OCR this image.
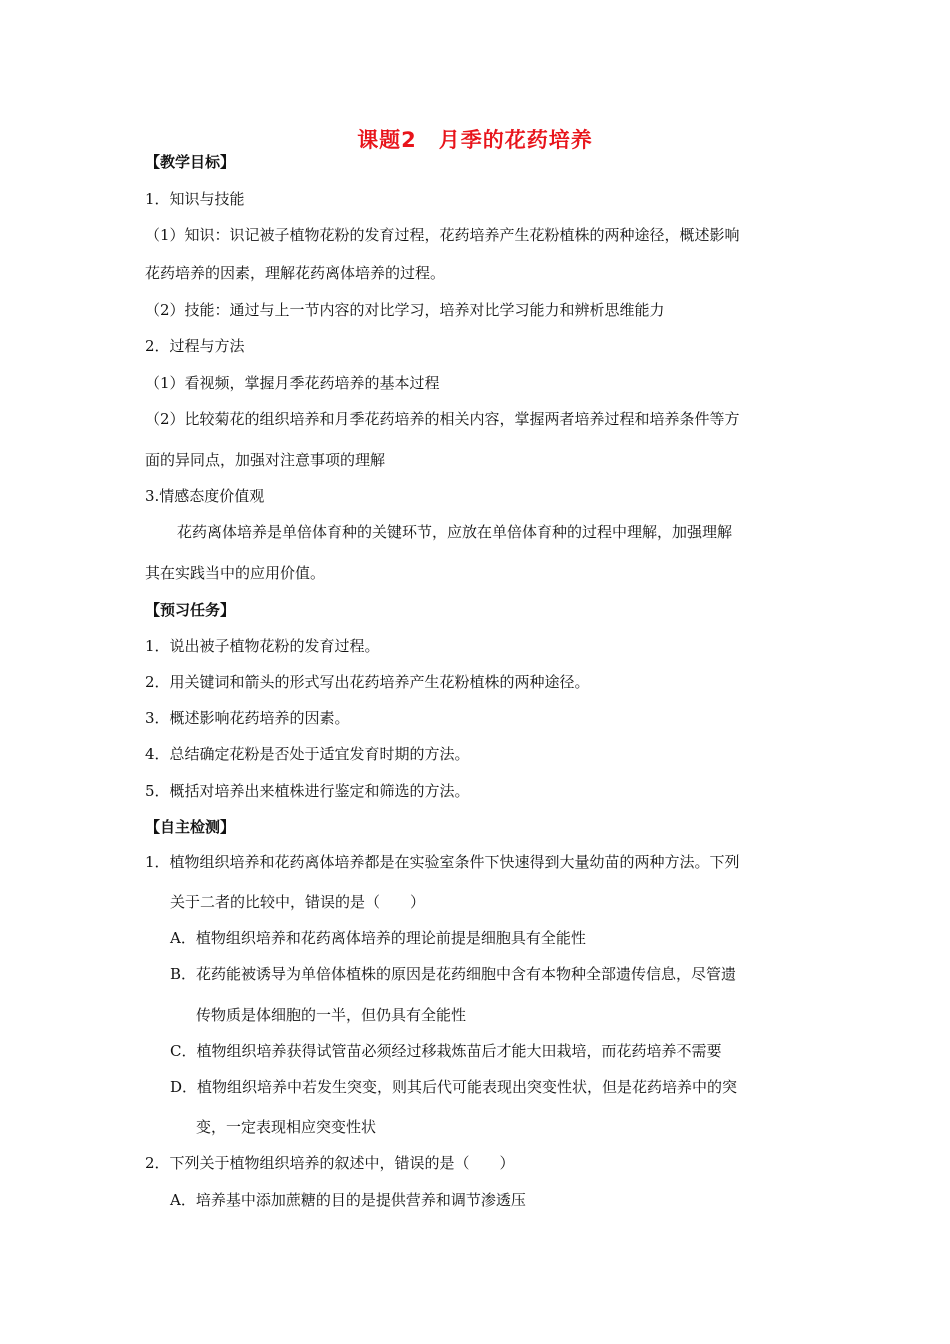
课题2　月季的花药培养
【教学目标】
1．知识与技能
（1）知识：识记被子植物花粉的发育过程，花药培养产生花粉植株的两种途径，概述影响
花药培养的因素，理解花药离体培养的过程。
（2）技能：通过与上一节内容的对比学习，培养对比学习能力和辨析思维能力
2．过程与方法
（1）看视频，掌握月季花药培养的基本过程
（2）比较菊花的组织培养和月季花药培养的相关内容，掌握两者培养过程和培养条件等方
面的异同点，加强对注意事项的理解
3.情感态度价值观
花药离体培养是单倍体育种的关键环节，应放在单倍体育种的过程中理解，加强理解
其在实践当中的应用价值。
【预习任务】
1．说出被子植物花粉的发育过程。
2．用关键词和箭头的形式写出花药培养产生花粉植株的两种途径。
3．概述影响花药培养的因素。
4．总结确定花粉是否处于适宜发育时期的方法。
5．概括对培养出来植株进行鉴定和筛选的方法。
【自主检测】
1．植物组织培养和花药离体培养都是在实验室条件下快速得到大量幼苗的两种方法。下列
关于二者的比较中，错误的是（　　）
A．植物组织培养和花药离体培养的理论前提是细胞具有全能性
B．花药能被诱导为单倍体植株的原因是花药细胞中含有本物种全部遗传信息，尽管遗
传物质是体细胞的一半，但仍具有全能性
C．植物组织培养获得试管苗必须经过移栽炼苗后才能大田栽培，而花药培养不需要
D．植物组织培养中若发生突变，则其后代可能表现出突变性状，但是花药培养中的突
变，一定表现相应突变性状
2．下列关于植物组织培养的叙述中，错误的是（　　）
A．培养基中添加蔗糖的目的是提供营养和调节渗透压
